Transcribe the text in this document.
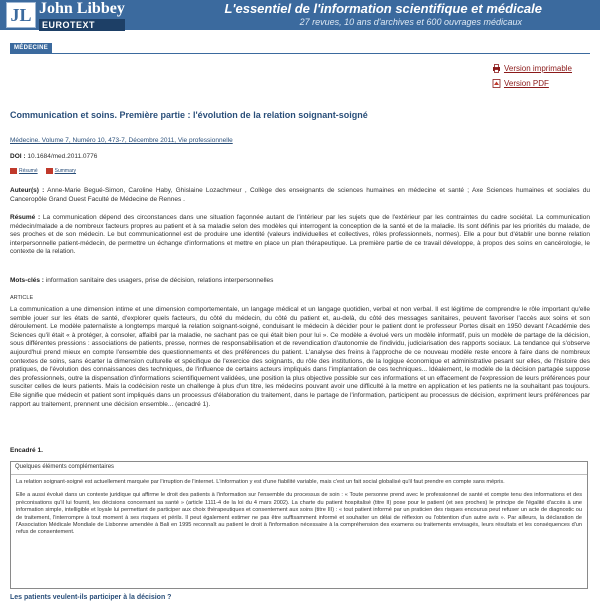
JL John Libbey
EUROTEXT
L'essentiel de l'information scientifique et médicale
27 revues, 10 ans d'archives et 600 ouvrages médicaux
MÉDECINE
Version imprimable
Version PDF
Communication et soins. Première partie : l'évolution de la relation soignant-soigné
Médecine. Volume 7, Numéro 10, 473-7, Décembre 2011, Vie professionnelle
DOI : 10.1684/med.2011.0776
Résumé	Summary
Auteur(s) : Anne-Marie Begué-Simon, Caroline Haby, Ghislaine Lozachmeur , Collège des enseignants de sciences humaines en médecine et santé ; Axe Sciences humaines et sociales du Canceropôle Grand Ouest Faculté de Médecine de Rennes .
Résumé : La communication dépend des circonstances dans une situation façonnée autant de l'intérieur par les sujets que de l'extérieur par les contraintes du cadre sociétal. La communication médecin/malade a de nombreux facteurs propres au patient et à sa maladie selon des modèles qui interrogent la conception de la santé et de la maladie. Ils sont définis par les priorités du malade, de ses proches et de son médecin. Le but communicationnel est de produire une identité (valeurs individuelles et collectives, rôles professionnels, normes). Elle a pour but d'établir une bonne relation interpersonnelle patient-médecin, de permettre un échange d'informations et mettre en place un plan thérapeutique. La première partie de ce travail développe, à propos des soins en cancérologie, le contexte de la relation.
Mots-clés : information sanitaire des usagers, prise de décision, relations interpersonnelles
ARTICLE
La communication a une dimension intime et une dimension comportementale, un langage médical et un langage quotidien, verbal et non verbal. Il est légitime de comprendre le rôle important qu'elle semble jouer sur les états de santé, d'explorer quels facteurs, du côté du médecin, du côté du patient et, au-delà, du côté des messages sanitaires, peuvent favoriser l'accès aux soins et son déroulement. Le modèle paternaliste a longtemps marqué la relation soignant-soigné, conduisant le médecin à décider pour le patient dont le professeur Portes disait en 1950 devant l'Académie des Sciences qu'il était « à protéger, à consoler, affaibli par la maladie, ne sachant pas ce qui était bien pour lui ». Ce modèle a évolué vers un modèle informatif, puis un modèle de partage de la décision, sous différentes pressions : associations de patients, presse, normes de responsabilisation et de revendication d'autonomie de l'individu, judiciarisation des rapports sociaux. La tendance qui s'observe aujourd'hui prend mieux en compte l'ensemble des questionnements et des préférences du patient. L'analyse des freins à l'approche de ce nouveau modèle reste encore à faire dans de nombreux contextes de soins, sans écarter la dimension culturelle et spécifique de l'exercice des soignants, du rôle des institutions, de la logique économique et administrative pesant sur elles, de l'histoire des pratiques, de l'évolution des connaissances des techniques, de l'influence de certains acteurs impliqués dans l'implantation de ces techniques... Idéalement, le modèle de la décision partagée suppose des professionnels, outre la dispensation d'informations scientifiquement validées, une position la plus objective possible sur ces informations et un effacement de l'expression de leurs préférences pour susciter celles de leurs patients. Mais la codécision reste un challenge à plus d'un titre, les médecins pouvant avoir une difficulté à la mettre en application et les patients ne la souhaitant pas toujours. Elle signifie que médecin et patient sont impliqués dans un processus d'élaboration du traitement, dans le partage de l'information, participent au processus de décision, expriment leurs préférences par rapport au traitement, prennent une décision ensemble... (encadré 1).
Encadré 1.
Quelques éléments complémentaires

La relation soignant-soigné est actuellement marquée par l'irruption de l'internet. L'information y est d'une fiabilité variable, mais c'est un fait social globalisé qu'il faut prendre en compte sans mépris.

Elle a aussi évolué dans un contexte juridique qui affirme le droit des patients à l'information sur l'ensemble du processus de soin : « Toute personne prend avec le professionnel de santé et compte tenu des informations et des préconisations qu'il lui fournit, les décisions concernant sa santé » (article 1111-4 de la loi du 4 mars 2002). La charte du patient hospitalisé (titre II) pose pour le patient (et ses proches) le principe de l'égalité d'accès à une information simple, intelligible et loyale lui permettant de participer aux choix thérapeutiques et consentement aux soins (titre III) : « tout patient informé par un praticien des risques encourus peut refuser un acte de diagnostic ou de traitement, l'interrompre à tout moment à ses risques et périls. Il peut également estimer ne pas être suffisamment informé et souhaiter un délai de réflexion ou l'obtention d'un autre avis ». Par ailleurs, la déclaration de l'Association Médicale Mondiale de Lisbonne amendée à Bali en 1995 reconnaît au patient le droit à l'information nécessaire à la compréhension des examens ou traitements envisagés, leurs résultats et les conséquences d'un refus de consentement.

Les patients veulent-ils participer à la décision ?
